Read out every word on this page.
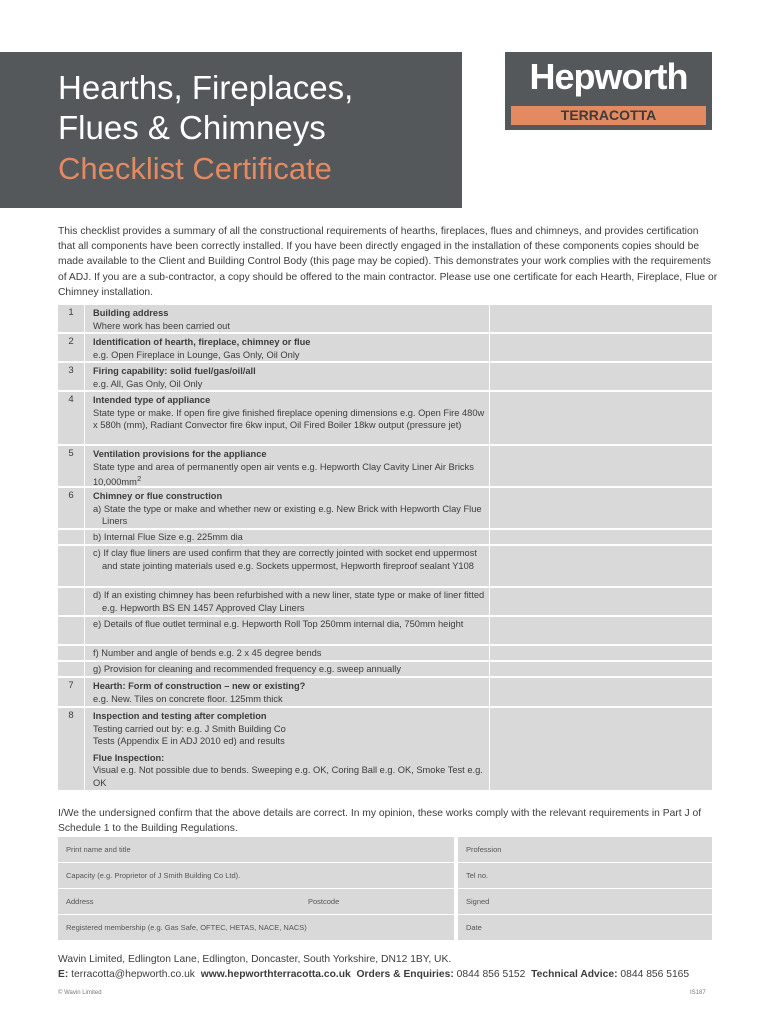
Hearths, Fireplaces,
Flues & Chimneys
Checklist Certificate
Hepworth
TERRACOTTA
This checklist provides a summary of all the constructional requirements of hearths, fireplaces, flues and chimneys, and provides certification that all components have been correctly installed. If you have been directly engaged in the installation of these components copies should be made available to the Client and Building Control Body (this page may be copied). This demonstrates your work complies with the requirements of ADJ. If you are a sub-contractor, a copy should be offered to the main contractor. Please use one certificate for each Hearth, Fireplace, Flue or Chimney installation.
1	Building address
Where work has been carried out
2	Identification of hearth, fireplace, chimney or flue
e.g. Open Fireplace in Lounge, Gas Only, Oil Only
3	Firing capability: solid fuel/gas/oil/all
e.g. All, Gas Only, Oil Only
4	Intended type of appliance
State type or make. If open fire give finished fireplace opening dimensions e.g. Open Fire 480w x 580h (mm), Radiant Convector fire 6kw input, Oil Fired Boiler 18kw output (pressure jet)
5	Ventilation provisions for the appliance
State type and area of permanently open air vents e.g. Hepworth Clay Cavity Liner Air Bricks $10,000mm^2$
6	Chimney or flue construction
a) State the type or make and whether new or existing e.g. New Brick with Hepworth Clay Flue Liners
b) Internal Flue Size e.g. 225mm dia
c) If clay flue liners are used confirm that they are correctly jointed with socket end uppermost and state jointing materials used e.g. Sockets uppermost, Hepworth fireproof sealant Y108
d) If an existing chimney has been refurbished with a new liner, state type or make of liner fitted e.g. Hepworth BS EN 1457 Approved Clay Liners
e) Details of flue outlet terminal e.g. Hepworth Roll Top 250mm internal dia, 750mm height
f) Number and angle of bends e.g. 2 x 45 degree bends
g) Provision for cleaning and recommended frequency e.g. sweep annually
7	Hearth: Form of construction – new or existing?
e.g. New. Tiles on concrete floor. 125mm thick
8	Inspection and testing after completion
Testing carried out by: e.g. J Smith Building Co
Tests (Appendix E in ADJ 2010 ed) and results
Flue Inspection:
Visual e.g. Not possible due to bends. Sweeping e.g. OK, Coring Ball e.g. OK, Smoke Test e.g. OK
I/We the undersigned confirm that the above details are correct. In my opinion, these works comply with the relevant requirements in Part J of Schedule 1 to the Building Regulations.
Print name and title	Profession
Capacity (e.g. Proprietor of J Smith Building Co Ltd).	Tel no.
Address	Postcode	Signed
Registered membership (e.g. Gas Safe, OFTEC, HETAS, NACE, NACS)	Date
Wavin Limited, Edlington Lane, Edlington, Doncaster, South Yorkshire, DN12 1BY, UK.
E: terracotta@hepworth.co.uk www.hepworthterracotta.co.uk Orders & Enquiries: 0844 856 5152 Technical Advice: 0844 856 5165
© Wavin Limited	IS187
